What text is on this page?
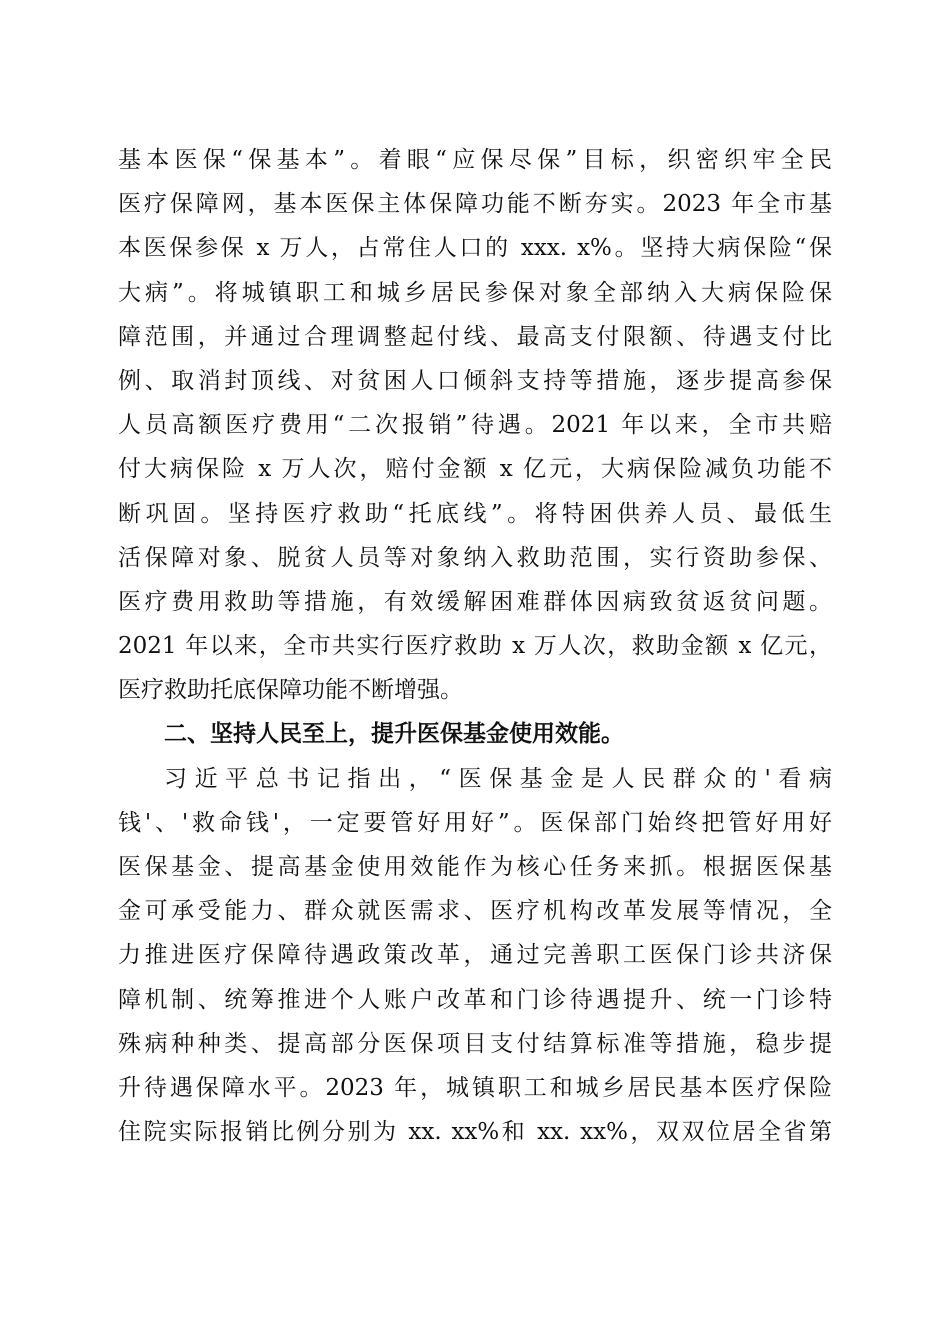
基本医保“保基本”。着眼“应保尽保”目标，织密织牢全民
医疗保障网，基本医保主体保障功能不断夯实。2023 年全市基
本医保参保 x 万人，占常住人口的 xxx. x%。坚持大病保险“保
大病”。将城镇职工和城乡居民参保对象全部纳入大病保险保
障范围，并通过合理调整起付线、最高支付限额、待遇支付比
例、取消封顶线、对贫困人口倾斜支持等措施，逐步提高参保
人员高额医疗费用“二次报销”待遇。2021 年以来，全市共赔
付大病保险 x 万人次，赔付金额 x 亿元，大病保险减负功能不
断巩固。坚持医疗救助“托底线”。将特困供养人员、最低生
活保障对象、脱贫人员等对象纳入救助范围，实行资助参保、
医疗费用救助等措施，有效缓解困难群体因病致贫返贫问题。
2021 年以来，全市共实行医疗救助 x 万人次，救助金额 x 亿元，
医疗救助托底保障功能不断增强。
二、坚持人民至上，提升医保基金使用效能。
习近平总书记指出，“医保基金是人民群众的'看病
钱'、'救命钱'，一定要管好用好”。医保部门始终把管好用好
医保基金、提高基金使用效能作为核心任务来抓。根据医保基
金可承受能力、群众就医需求、医疗机构改革发展等情况，全
力推进医疗保障待遇政策改革，通过完善职工医保门诊共济保
障机制、统筹推进个人账户改革和门诊待遇提升、统一门诊特
殊病种种类、提高部分医保项目支付结算标准等措施，稳步提
升待遇保障水平。2023 年，城镇职工和城乡居民基本医疗保险
住院实际报销比例分别为 xx. xx%和 xx. xx%，双双位居全省第
